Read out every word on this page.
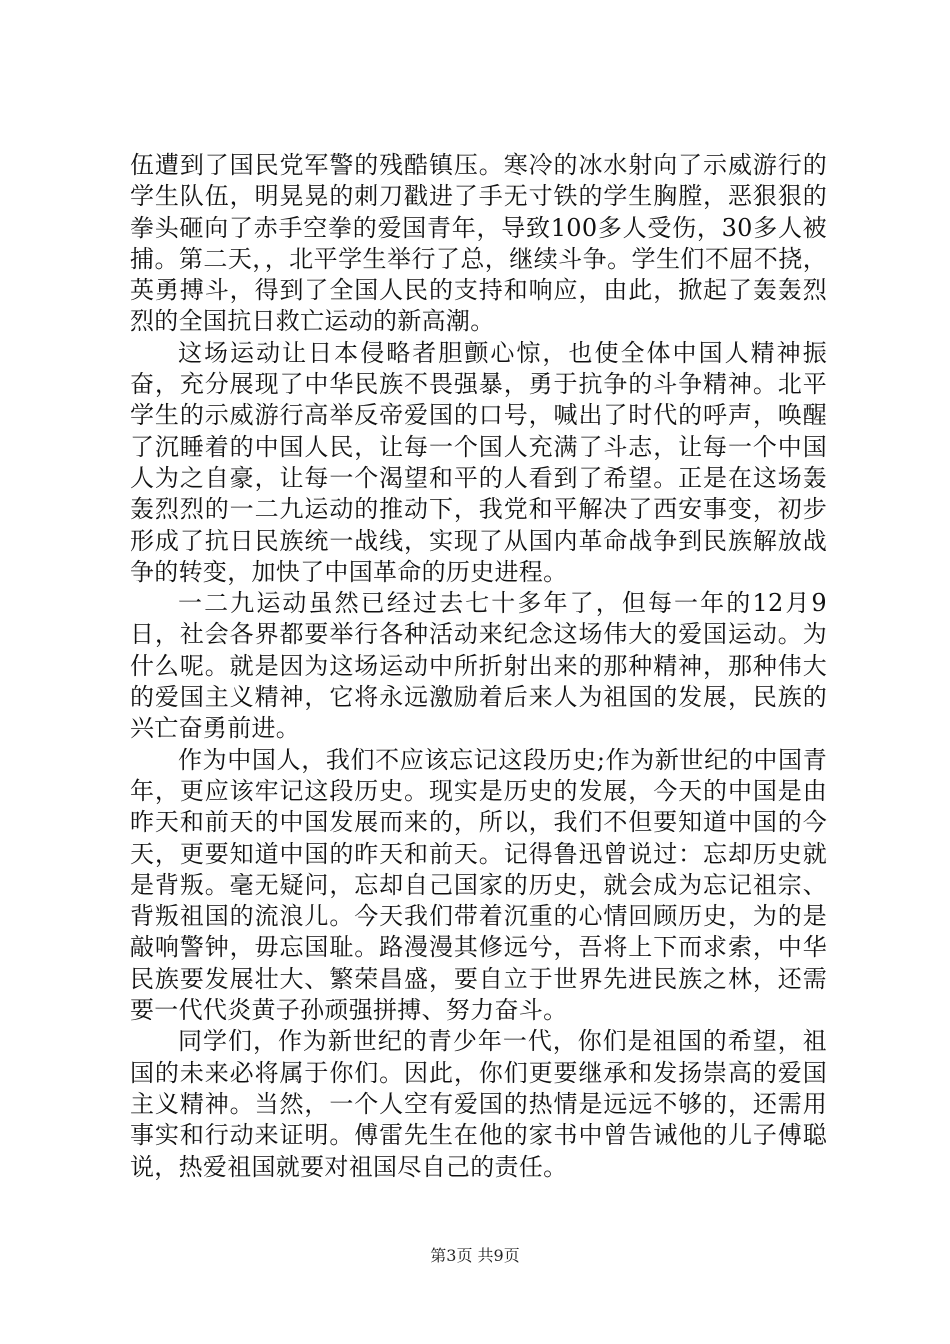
伍遭到了国民党军警的残酷镇压。寒冷的冰水射向了示威游行的学生队伍，明晃晃的刺刀戳进了手无寸铁的学生胸膛，恶狠狠的拳头砸向了赤手空拳的爱国青年，导致100多人受伤，30多人被捕。第二天，，北平学生举行了总，继续斗争。学生们不屈不挠，英勇搏斗，得到了全国人民的支持和响应，由此，掀起了轰轰烈烈的全国抗日救亡运动的新高潮。

这场运动让日本侵略者胆颤心惊，也使全体中国人精神振奋，充分展现了中华民族不畏强暴，勇于抗争的斗争精神。北平学生的示威游行高举反帝爱国的口号，喊出了时代的呼声，唤醒了沉睡着的中国人民，让每一个国人充满了斗志，让每一个中国人为之自豪，让每一个渴望和平的人看到了希望。正是在这场轰轰烈烈的一二九运动的推动下，我党和平解决了西安事变，初步形成了抗日民族统一战线，实现了从国内革命战争到民族解放战争的转变，加快了中国革命的历史进程。

一二九运动虽然已经过去七十多年了，但每一年的12月9日，社会各界都要举行各种活动来纪念这场伟大的爱国运动。为什么呢。就是因为这场运动中所折射出来的那种精神，那种伟大的爱国主义精神，它将永远激励着后来人为祖国的发展，民族的兴亡奋勇前进。

作为中国人，我们不应该忘记这段历史;作为新世纪的中国青年，更应该牢记这段历史。现实是历史的发展，今天的中国是由昨天和前天的中国发展而来的，所以，我们不但要知道中国的今天，更要知道中国的昨天和前天。记得鲁迅曾说过：忘却历史就是背叛。毫无疑问，忘却自己国家的历史，就会成为忘记祖宗、背叛祖国的流浪儿。今天我们带着沉重的心情回顾历史，为的是敲响警钟，毋忘国耻。路漫漫其修远兮，吾将上下而求索，中华民族要发展壮大、繁荣昌盛，要自立于世界先进民族之林，还需要一代代炎黄子孙顽强拼搏、努力奋斗。

同学们，作为新世纪的青少年一代，你们是祖国的希望，祖国的未来必将属于你们。因此，你们更要继承和发扬崇高的爱国主义精神。当然，一个人空有爱国的热情是远远不够的，还需用事实和行动来证明。傅雷先生在他的家书中曾告诫他的儿子傅聪说，热爱祖国就要对祖国尽自己的责任。

第3页 共9页
